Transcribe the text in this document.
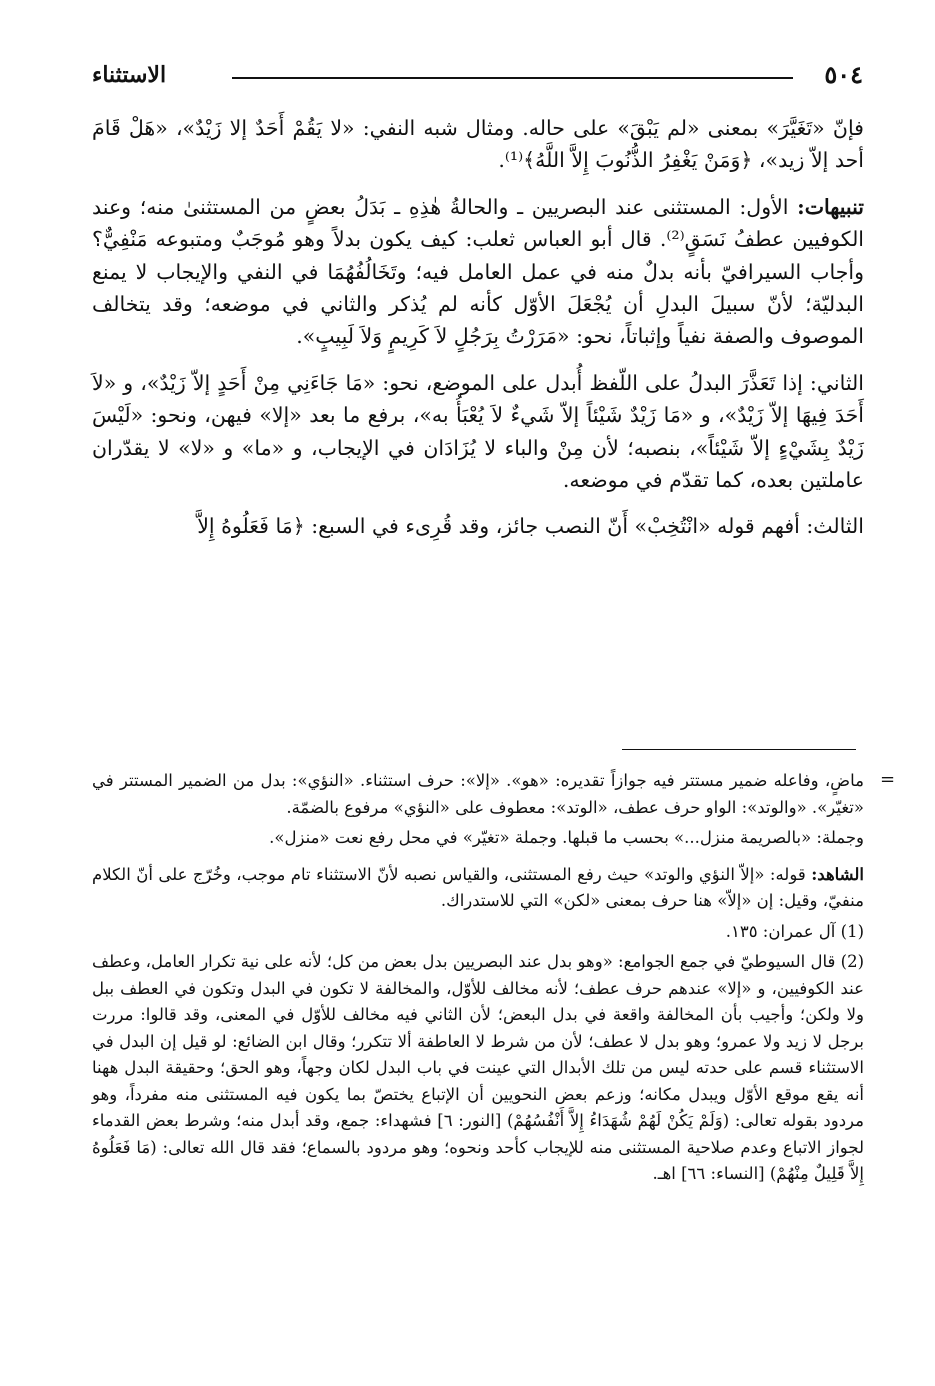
٥٠٤
الاستثناء

فإنّ «تَغَيَّرَ» بمعنى «لم يَبْقَ» على حاله. ومثال شبه النفي: «لا يَقُمْ أَحَدٌ إلا زَيْدٌ»، «هَلْ قَامَ أحد إلاّ زيد»، ﴿وَمَنْ يَغْفِرُ الذُّنُوبَ إِلاَّ اللَّهُ﴾⁽¹⁾.

تنبيهات: الأول: المستثنى عند البصريين ـ والحالةُ هٰذِهِ ـ بَدَلُ بعضٍ من المستثنىٰ منه؛ وعند الكوفيين عطفُ نَسَقٍ⁽²⁾. قال أبو العباس ثعلب: كيف يكون بدلاً وهو مُوجَبٌ ومتبوعه مَنْفِيٌّ؟ وأجاب السيرافيّ بأنه بدلٌ منه في عمل العامل فيه؛ وتَخَالُفُهُمَا في النفي والإيجاب لا يمنع البدليّة؛ لأنّ سبيلَ البدلِ أن يُجْعَلَ الأوّل كأنه لم يُذكر والثاني في موضعه؛ وقد يتخالف الموصوف والصفة نفياً وإثباتاً، نحو: «مَرَرْتُ بِرَجُلٍ لاَ كَرِيمٍ وَلاَ لَبِيبٍ».

الثاني: إذا تَعَذَّرَ البدلُ على اللّفظ أُبدل على الموضع، نحو: «مَا جَاءَنِي مِنْ أَحَدٍ إلاّ زَيْدٌ»، و «لاَ أَحَدَ فِيهَا إلاّ زَيْدٌ»، و «مَا زَيْدٌ شَيْئاً إلاّ شَيءٌ لاَ يُعْبَأُ به»، برفع ما بعد «إلا» فيهن، ونحو: «لَيْسَ زَيْدٌ بِشَيْءٍ إلاّ شَيْئاً»، بنصبه؛ لأن مِنْ والباء لا يُزَادَان في الإيجاب، و «ما» و «لا» لا يقدّران عاملتين بعده، كما تقدّم في موضعه.

الثالث: أفهم قوله «انْتُخِبْ» أَنّ النصب جائز، وقد قُرِىء في السبع: ﴿مَا فَعَلُوهُ إِلاَّ

=

ماضٍ، وفاعله ضمير مستتر فيه جوازاً تقديره: «هو». «إلا»: حرف استثناء. «النؤي»: بدل من الضمير المستتر في «تغيّر». «والوتد»: الواو حرف عطف، «الوتد»: معطوف على «النؤي» مرفوع بالضمّة.

وجملة: «بالصريمة منزل...» بحسب ما قبلها. وجملة «تغيّر» في محل رفع نعت «منزل».

الشاهد: قوله: «إلاّ النؤي والوتد» حيث رفع المستثنى، والقياس نصبه لأنّ الاستثناء تام موجب، وخُرّج على أنّ الكلام منفيّ، وقيل: إن «إلاّ» هنا حرف بمعنى «لكن» التي للاستدراك.

(1) آل عمران: ١٣٥.

(2) قال السيوطيّ في جمع الجوامع: «وهو بدل عند البصريين بدل بعض من كل؛ لأنه على نية تكرار العامل، وعطف عند الكوفيين، و «إلا» عندهم حرف عطف؛ لأنه مخالف للأوّل، والمخالفة لا تكون في البدل وتكون في العطف ببل ولا ولكن؛ وأجيب بأن المخالفة واقعة في بدل البعض؛ لأن الثاني فيه مخالف للأوّل في المعنى، وقد قالوا: مررت برجل لا زيد ولا عمرو؛ وهو بدل لا عطف؛ لأن من شرط لا العاطفة ألا تتكرر؛ وقال ابن الضائع: لو قيل إن البدل في الاستثناء قسم على حدته ليس من تلك الأبدال التي عينت في باب البدل لكان وجهاً، وهو الحق؛ وحقيقة البدل ههنا أنه يقع موقع الأوّل ويبدل مكانه؛ وزعم بعض النحويين أن الإتباع يختصّ بما يكون فيه المستثنى منه مفرداً، وهو مردود بقوله تعالى: (وَلَمْ يَكُنْ لَهُمْ شُهَدَاءُ إِلاَّ أَنْفُسُهُمْ) [النور: ٦] فشهداء: جمع، وقد أبدل منه؛ وشرط بعض القدماء لجواز الاتباع وعدم صلاحية المستثنى منه للإيجاب كأحد ونحوه؛ وهو مردود بالسماع؛ فقد قال الله تعالى: (مَا فَعَلُوهُ إِلاَّ قَلِيلٌ مِنْهُمْ) [النساء: ٦٦] اهـ.
